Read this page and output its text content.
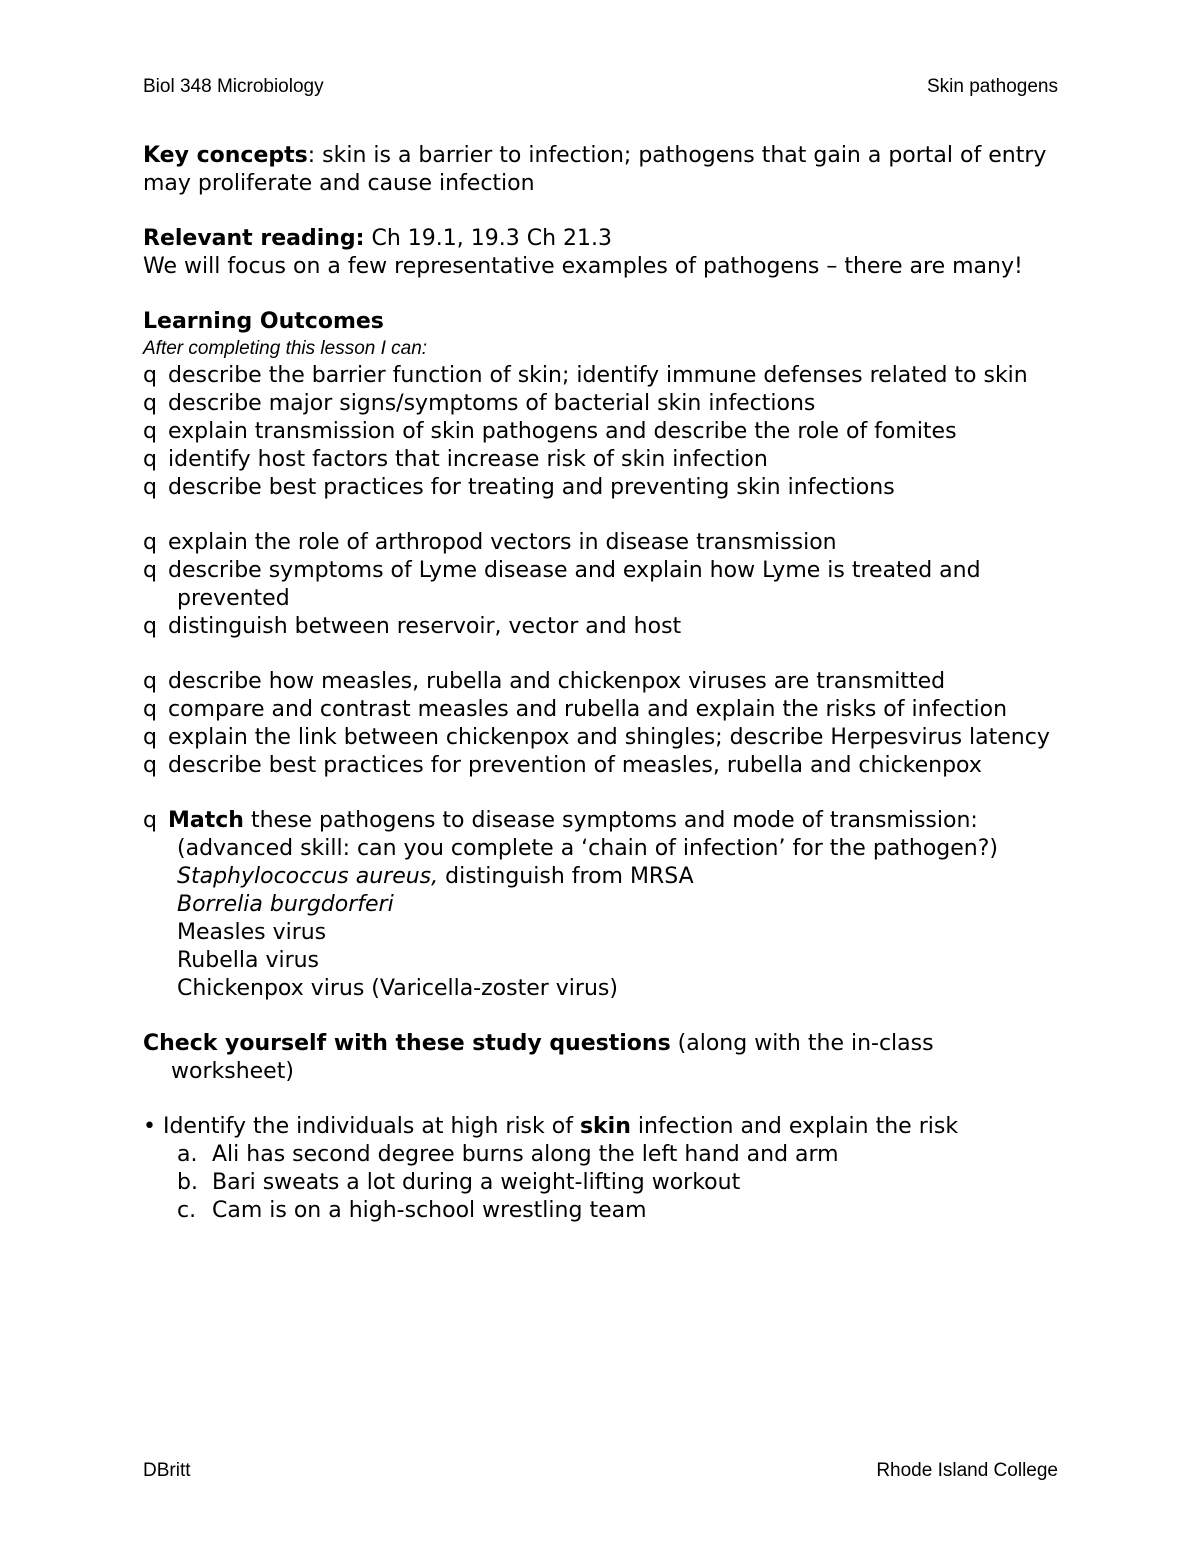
Biol 348 Microbiology	Skin pathogens

Key concepts: skin is a barrier to infection; pathogens that gain a portal of entry may proliferate and cause infection

Relevant reading: Ch 19.1, 19.3 Ch 21.3

We will focus on a few representative examples of pathogens – there are many!

Learning Outcomes

After completing this lesson I can:

q describe the barrier function of skin; identify immune defenses related to skin

q describe major signs/symptoms of bacterial skin infections

q explain transmission of skin pathogens and describe the role of fomites

q identify host factors that increase risk of skin infection

q describe best practices for treating and preventing skin infections

q explain the role of arthropod vectors in disease transmission

q describe symptoms of Lyme disease and explain how Lyme is treated and prevented

q distinguish between reservoir, vector and host

q describe how measles, rubella and chickenpox viruses are transmitted

q compare and contrast measles and rubella and explain the risks of infection

q explain the link between chickenpox and shingles; describe Herpesvirus latency

q describe best practices for prevention of measles, rubella and chickenpox

q Match these pathogens to disease symptoms and mode of transmission:

(advanced skill: can you complete a ‘chain of infection’ for the pathogen?)

Staphylococcus aureus, distinguish from MRSA

Borrelia burgdorferi

Measles virus

Rubella virus

Chickenpox virus (Varicella-zoster virus)

Check yourself with these study questions (along with the in-class worksheet)

• Identify the individuals at high risk of skin infection and explain the risk

a. Ali has second degree burns along the left hand and arm

b. Bari sweats a lot during a weight-lifting workout

c. Cam is on a high-school wrestling team

DBritt	Rhode Island College
